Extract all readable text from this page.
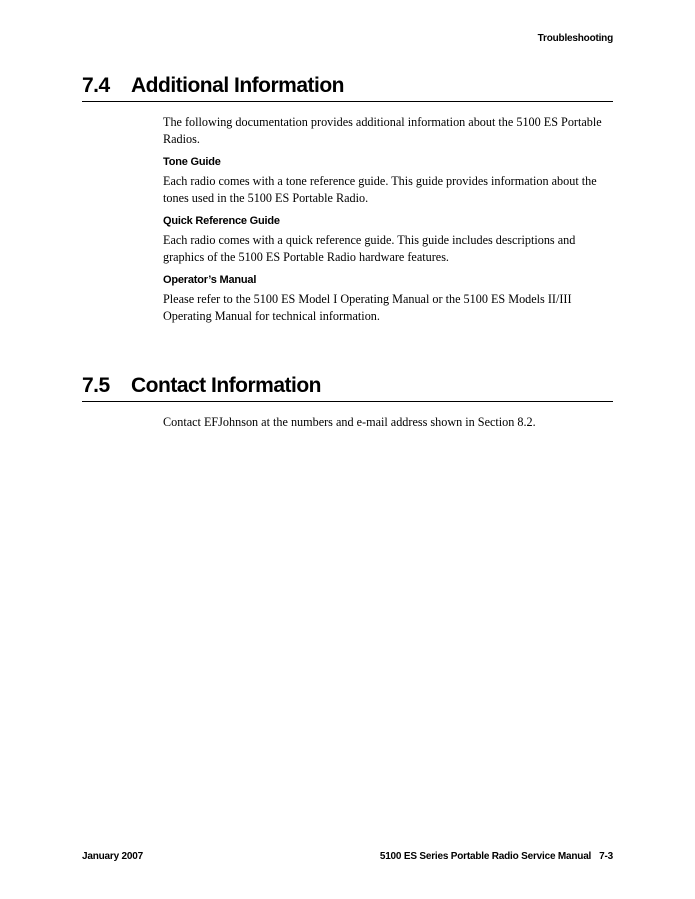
Troubleshooting
7.4	Additional Information

The following documentation provides additional information about the 5100 ES Portable Radios.

Tone Guide

Each radio comes with a tone reference guide. This guide provides information about the tones used in the 5100 ES Portable Radio.

Quick Reference Guide

Each radio comes with a quick reference guide. This guide includes descriptions and graphics of the 5100 ES Portable Radio hardware features.

Operator’s Manual

Please refer to the 5100 ES Model I Operating Manual or the 5100 ES Models II/III Operating Manual for technical information.

7.5	Contact Information

Contact EFJohnson at the numbers and e-mail address shown in Section 8.2.

January 2007	5100 ES Series Portable Radio Service Manual 7-3
